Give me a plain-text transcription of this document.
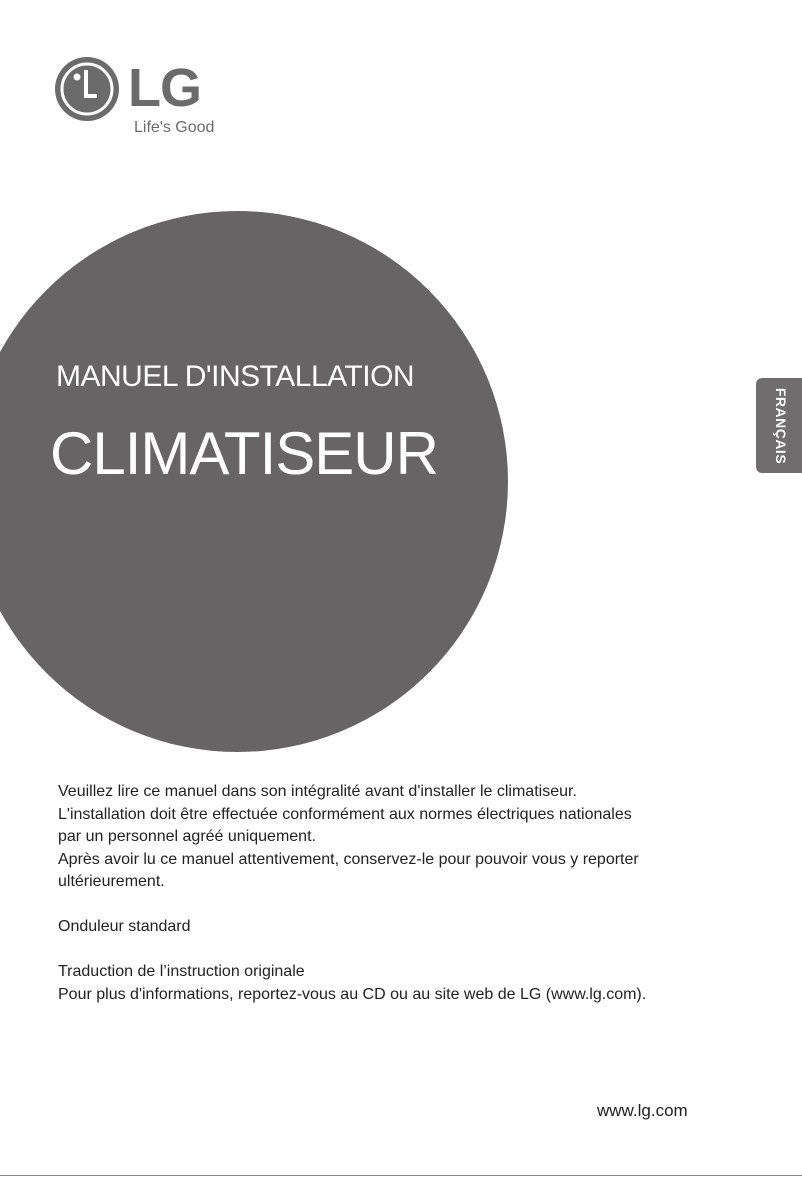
LG
Life's Good
MANUEL D'INSTALLATION
CLIMATISEUR	FRANÇAIS

Veuillez lire ce manuel dans son intégralité avant d'installer le climatiseur.

L'installation doit être effectuée conformément aux normes électriques nationales

par un personnel agréé uniquement.

Après avoir lu ce manuel attentivement, conservez-le pour pouvoir vous y reporter

ultérieurement.

Onduleur standard

Traduction de l’instruction originale

Pour plus d'informations, reportez-vous au CD ou au site web de LG (www.lg.com).

www.lg.com
